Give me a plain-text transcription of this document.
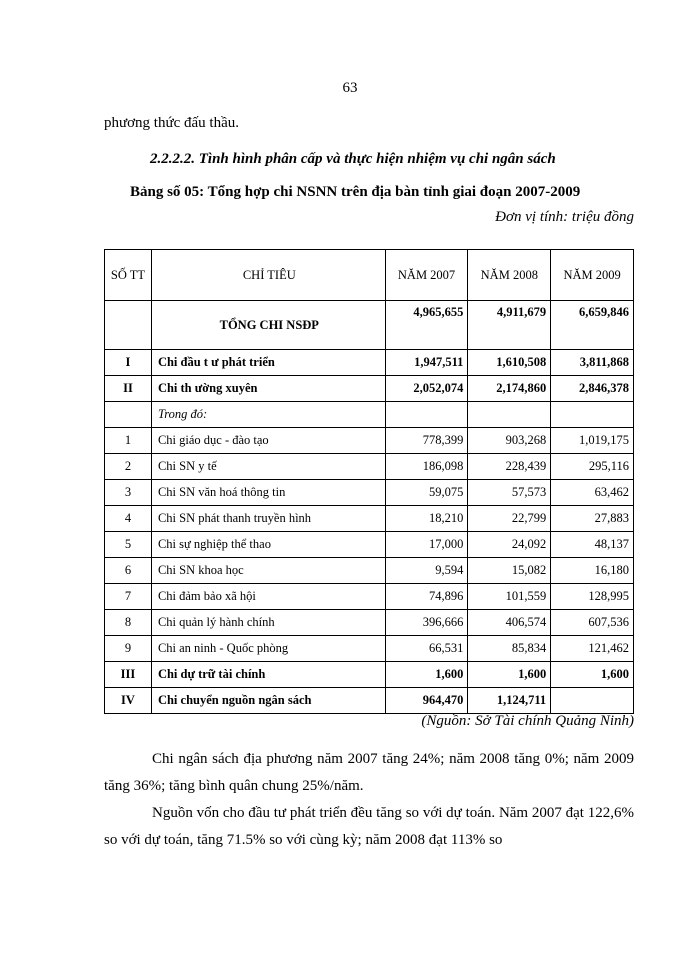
63
phương thức đấu thầu.
2.2.2.2. Tình hình phân cấp và thực hiện nhiệm vụ chi ngân sách
Bảng số 05: Tổng hợp chi NSNN trên địa bàn tỉnh giai đoạn 2007-2009
Đơn vị tính: triệu đồng
SỐ TT	CHỈ TIÊU	NĂM 2007	NĂM 2008	NĂM 2009
	TỔNG CHI NSĐP	4,965,655	4,911,679	6,659,846
I	Chi đầu t ư phát triển	1,947,511	1,610,508	3,811,868
II	Chi th ường xuyên	2,052,074	2,174,860	2,846,378
	Trong đó:			
1	Chi giáo dục - đào tạo	778,399	903,268	1,019,175
2	Chi SN y tế	186,098	228,439	295,116
3	Chi SN văn hoá thông tin	59,075	57,573	63,462
4	Chi SN phát thanh truyền hình	18,210	22,799	27,883
5	Chi sự nghiệp thể thao	17,000	24,092	48,137
6	Chi SN khoa học	9,594	15,082	16,180
7	Chi đảm bảo xã hội	74,896	101,559	128,995
8	Chi quản lý hành chính	396,666	406,574	607,536
9	Chi an ninh - Quốc phòng	66,531	85,834	121,462
III	Chi dự trữ tài chính	1,600	1,600	1,600
IV	Chi chuyển nguồn ngân sách	964,470	1,124,711	
(Nguồn: Sở Tài chính Quảng Ninh)
Chi ngân sách địa phương năm 2007 tăng 24%; năm 2008 tăng 0%; năm 2009 tăng 36%; tăng bình quân chung 25%/năm.
Nguồn vốn cho đầu tư phát triển đều tăng so với dự toán. Năm 2007 đạt 122,6% so với dự toán, tăng 71.5% so với cùng kỳ; năm 2008 đạt 113% so
